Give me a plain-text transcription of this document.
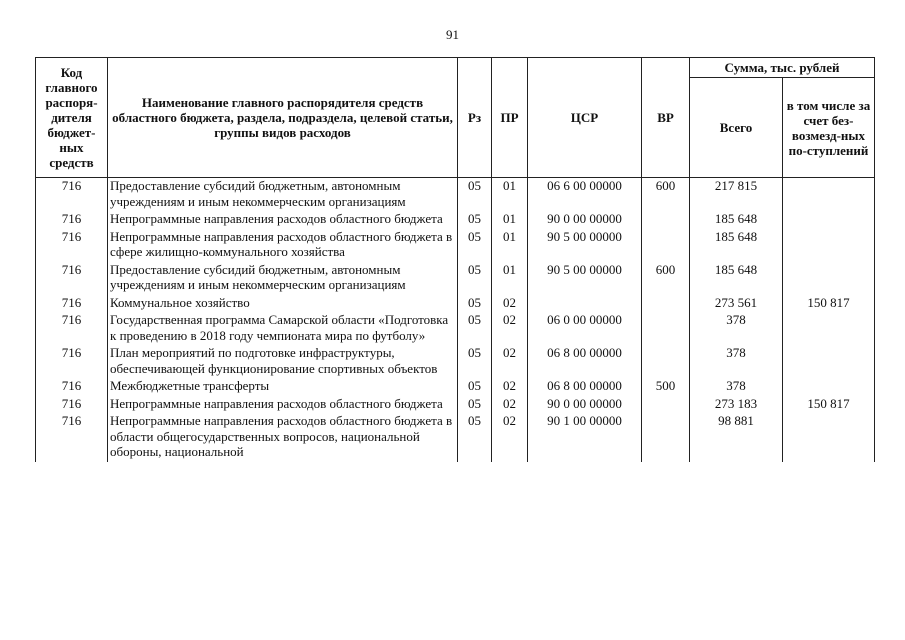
91
Код главного распоря-дителя бюджет-ных средств	Наименование главного распорядителя средств областного бюджета, раздела, подраздела, целевой статьи, группы видов расходов	Рз	ПР	ЦСР	ВР	Сумма, тыс. рублей	
						Всего	в том числе за счет без-возмезд-ных по-ступлений
716	Предоставление субсидий бюджетным, автономным учреждениям и иным некоммерческим организациям	05	01	06 6 00 00000	600	217 815	
716	Непрограммные направления расходов областного бюджета	05	01	90 0 00 00000		185 648	
716	Непрограммные направления расходов областного бюджета в сфере жилищно-коммунального хозяйства	05	01	90 5 00 00000		185 648	
716	Предоставление субсидий бюджетным, автономным учреждениям и иным некоммерческим организациям	05	01	90 5 00 00000	600	185 648	
716	Коммунальное хозяйство	05	02			273 561	150 817
716	Государственная программа Самарской области «Подготовка к проведению в 2018 году чемпионата мира по футболу»	05	02	06 0 00 00000		378	
716	План мероприятий по подготовке инфраструктуры, обеспечивающей функционирование спортивных объектов	05	02	06 8 00 00000		378	
716	Межбюджетные трансферты	05	02	06 8 00 00000	500	378	
716	Непрограммные направления расходов областного бюджета	05	02	90 0 00 00000		273 183	150 817
716	Непрограммные направления расходов областного бюджета в области общегосударственных вопросов, национальной обороны, национальной	05	02	90 1 00 00000		98 881	
